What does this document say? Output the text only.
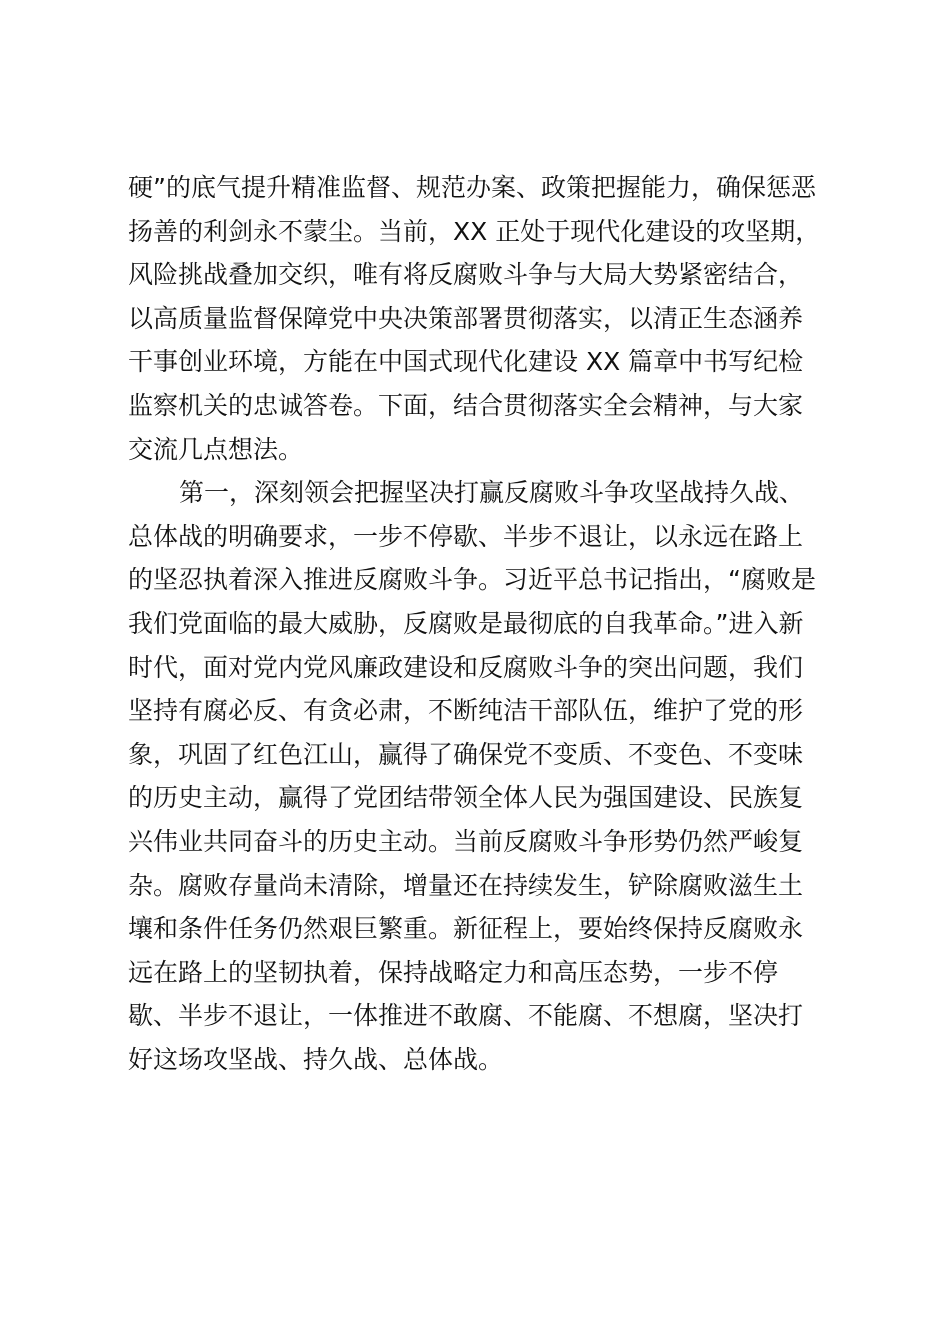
硬”的底气提升精准监督、规范办案、政策把握能力，确保惩恶
扬善的利剑永不蒙尘。当前，XX 正处于现代化建设的攻坚期，
风险挑战叠加交织，唯有将反腐败斗争与大局大势紧密结合，
以高质量监督保障党中央决策部署贯彻落实，以清正生态涵养
干事创业环境，方能在中国式现代化建设 XX 篇章中书写纪检
监察机关的忠诚答卷。下面，结合贯彻落实全会精神，与大家
交流几点想法。
第一，深刻领会把握坚决打赢反腐败斗争攻坚战持久战、
总体战的明确要求，一步不停歇、半步不退让，以永远在路上
的坚忍执着深入推进反腐败斗争。习近平总书记指出，“腐败是
我们党面临的最大威胁，反腐败是最彻底的自我革命。”进入新
时代，面对党内党风廉政建设和反腐败斗争的突出问题，我们
坚持有腐必反、有贪必肃，不断纯洁干部队伍，维护了党的形
象，巩固了红色江山，赢得了确保党不变质、不变色、不变味
的历史主动，赢得了党团结带领全体人民为强国建设、民族复
兴伟业共同奋斗的历史主动。当前反腐败斗争形势仍然严峻复
杂。腐败存量尚未清除，增量还在持续发生，铲除腐败滋生土
壤和条件任务仍然艰巨繁重。新征程上，要始终保持反腐败永
远在路上的坚韧执着，保持战略定力和高压态势，一步不停
歇、半步不退让，一体推进不敢腐、不能腐、不想腐，坚决打
好这场攻坚战、持久战、总体战。
